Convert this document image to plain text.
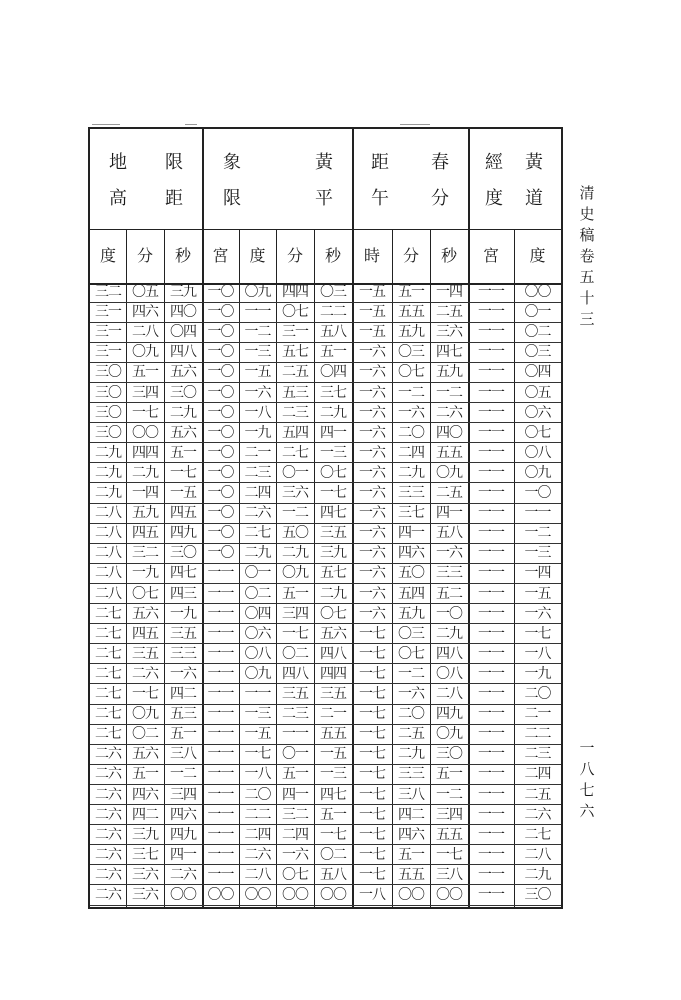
地
高
限
距
象
限
黃
平
距
午
春
分
經
度
黃
道
度	分	秒	宮	度	分	秒	時	分	秒	宮	度
三二 〇五 三九 一〇 〇九 四四 〇三 一五 五一 一四	一一	〇〇
三一 四六 四〇 一〇 一一 〇七 二二 一五 五五 二五	一一	〇一
三一 二八 〇四 一〇 一二 三一 五八 一五 五九 三六	一一	〇二
三一 〇九 四八 一〇 一三 五七 五一 一六 〇三 四七	一一	〇三
三〇 五一 五六 一〇 一五 二五 〇四 一六 〇七 五九	一一	〇四
三〇 三四 三〇 一〇 一六 五三 三七 一六 一二 一二	一一	〇五
三〇 一七 二九 一〇 一八 二三 二九 一六 一六 二六	一一	〇六
三〇 〇〇 五六 一〇 一九 五四 四一 一六 二〇 四〇	一一	〇七
二九 四四 五一 一〇 二一 二七 一三 一六 二四 五五	一一	〇八
二九 二九 一七 一〇 二三 〇一 〇七 一六 二九 〇九	一一	〇九
二九 一四 一五 一〇 二四 三六 一七 一六 三三 二五	一一	一〇
二八 五九 四五 一〇 二六 一二 四七 一六 三七 四一	一一	一一
二八 四五 四九 一〇 二七 五〇 三五 一六 四一 五八	一一	一二
二八 三二 三〇 一〇 二九 二九 三九 一六 四六 一六	一一	一三
二八 一九 四七 一一 〇一 〇九 五七 一六 五〇 三三	一一	一四
二八 〇七 四三 一一 〇二 五一 二九 一六 五四 五二	一一	一五
二七 五六 一九 一一 〇四 三四 〇七 一六 五九 一〇	一一	一六
二七 四五 三五 一一 〇六 一七 五六 一七 〇三 二九	一一	一七
二七 三五 三三 一一 〇八 〇二 四八 一七 〇七 四八	一一	一八
二七 二六 一六 一一 〇九 四八 四四 一七 一二 〇八	一一	一九
二七 一七 四二 一一 一一 三五 三五 一七 一六 二八	一一	二〇
二七 〇九 五三 一一 一三 二三 二一 一七 二〇 四九	一一	二一
二七 〇二 五一 一一 一五 一一 五五 一七 二五 〇九	一一	二二
二六 五六 三八 一一 一七 〇一 一五 一七 二九 三〇	一一	二三
二六 五一 一二 一一 一八 五一 一三 一七 三三 五一	一一	二四
二六 四六 三四 一一 二〇 四一 四七 一七 三八 一二	一一	二五
二六 四二 四六 一一 二二 三二 五一 一七 四二 三四	一一	二六
二六 三九 四九 一一 二四 二四 一七 一七 四六 五五	一一	二七
二六 三七 四一 一一 二六 一六 〇二 一七 五一 一七	一一	二八
二六 三六 二六 一一 二八 〇七 五八 一七 五五 三八	一一	二九
二六 三六 〇〇 〇〇 〇〇 〇〇 〇〇 一八 〇〇 〇〇	一一	三〇
清
史
稿
卷
五
十
三
一
八
七
六
